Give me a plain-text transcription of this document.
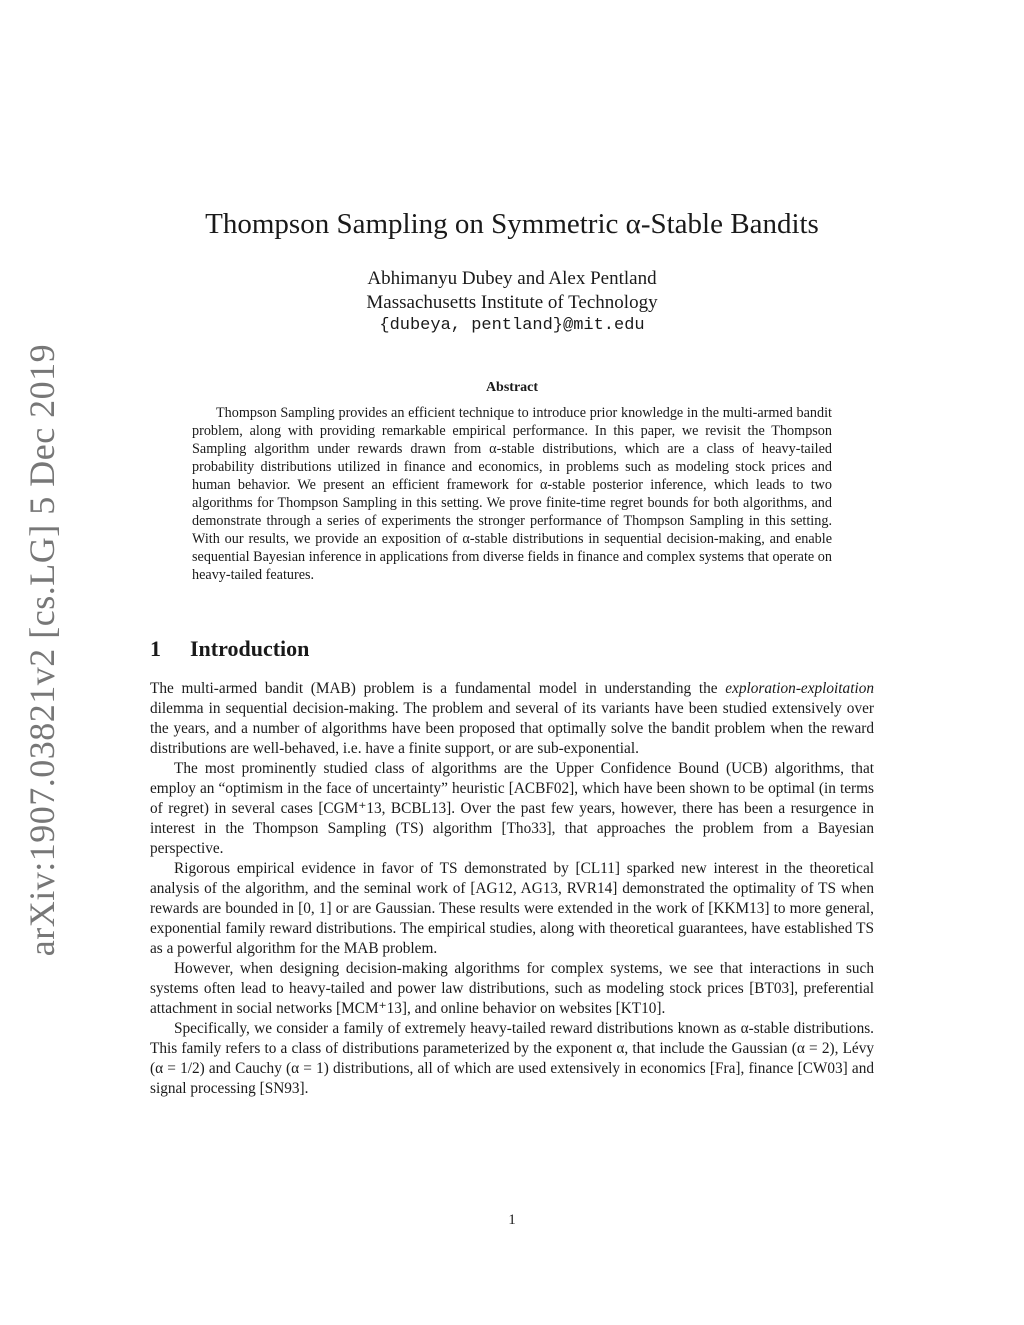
arXiv:1907.03821v2 [cs.LG] 5 Dec 2019
Thompson Sampling on Symmetric α-Stable Bandits
Abhimanyu Dubey and Alex Pentland
Massachusetts Institute of Technology
{dubeya, pentland}@mit.edu
Abstract

Thompson Sampling provides an efficient technique to introduce prior knowledge in the multi-armed bandit problem, along with providing remarkable empirical performance. In this paper, we revisit the Thompson Sampling algorithm under rewards drawn from α-stable distributions, which are a class of heavy-tailed probability distributions utilized in finance and economics, in problems such as modeling stock prices and human behavior. We present an efficient framework for α-stable posterior inference, which leads to two algorithms for Thompson Sampling in this setting. We prove finite-time regret bounds for both algorithms, and demonstrate through a series of experiments the stronger performance of Thompson Sampling in this setting. With our results, we provide an exposition of α-stable distributions in sequential decision-making, and enable sequential Bayesian inference in applications from diverse fields in finance and complex systems that operate on heavy-tailed features.

1 Introduction

The multi-armed bandit (MAB) problem is a fundamental model in understanding the exploration-exploitation dilemma in sequential decision-making. The problem and several of its variants have been studied extensively over the years, and a number of algorithms have been proposed that optimally solve the bandit problem when the reward distributions are well-behaved, i.e. have a finite support, or are sub-exponential.

The most prominently studied class of algorithms are the Upper Confidence Bound (UCB) algorithms, that employ an “optimism in the face of uncertainty” heuristic [ACBF02], which have been shown to be optimal (in terms of regret) in several cases [CGM⁺13, BCBL13]. Over the past few years, however, there has been a resurgence in interest in the Thompson Sampling (TS) algorithm [Tho33], that approaches the problem from a Bayesian perspective.

Rigorous empirical evidence in favor of TS demonstrated by [CL11] sparked new interest in the theoretical analysis of the algorithm, and the seminal work of [AG12, AG13, RVR14] demonstrated the optimality of TS when rewards are bounded in [0, 1] or are Gaussian. These results were extended in the work of [KKM13] to more general, exponential family reward distributions. The empirical studies, along with theoretical guarantees, have established TS as a powerful algorithm for the MAB problem.

However, when designing decision-making algorithms for complex systems, we see that interactions in such systems often lead to heavy-tailed and power law distributions, such as modeling stock prices [BT03], preferential attachment in social networks [MCM⁺13], and online behavior on websites [KT10].

Specifically, we consider a family of extremely heavy-tailed reward distributions known as α-stable distributions. This family refers to a class of distributions parameterized by the exponent α, that include the Gaussian (α = 2), Lévy (α = 1/2) and Cauchy (α = 1) distributions, all of which are used extensively in economics [Fra], finance [CW03] and signal processing [SN93].

1
